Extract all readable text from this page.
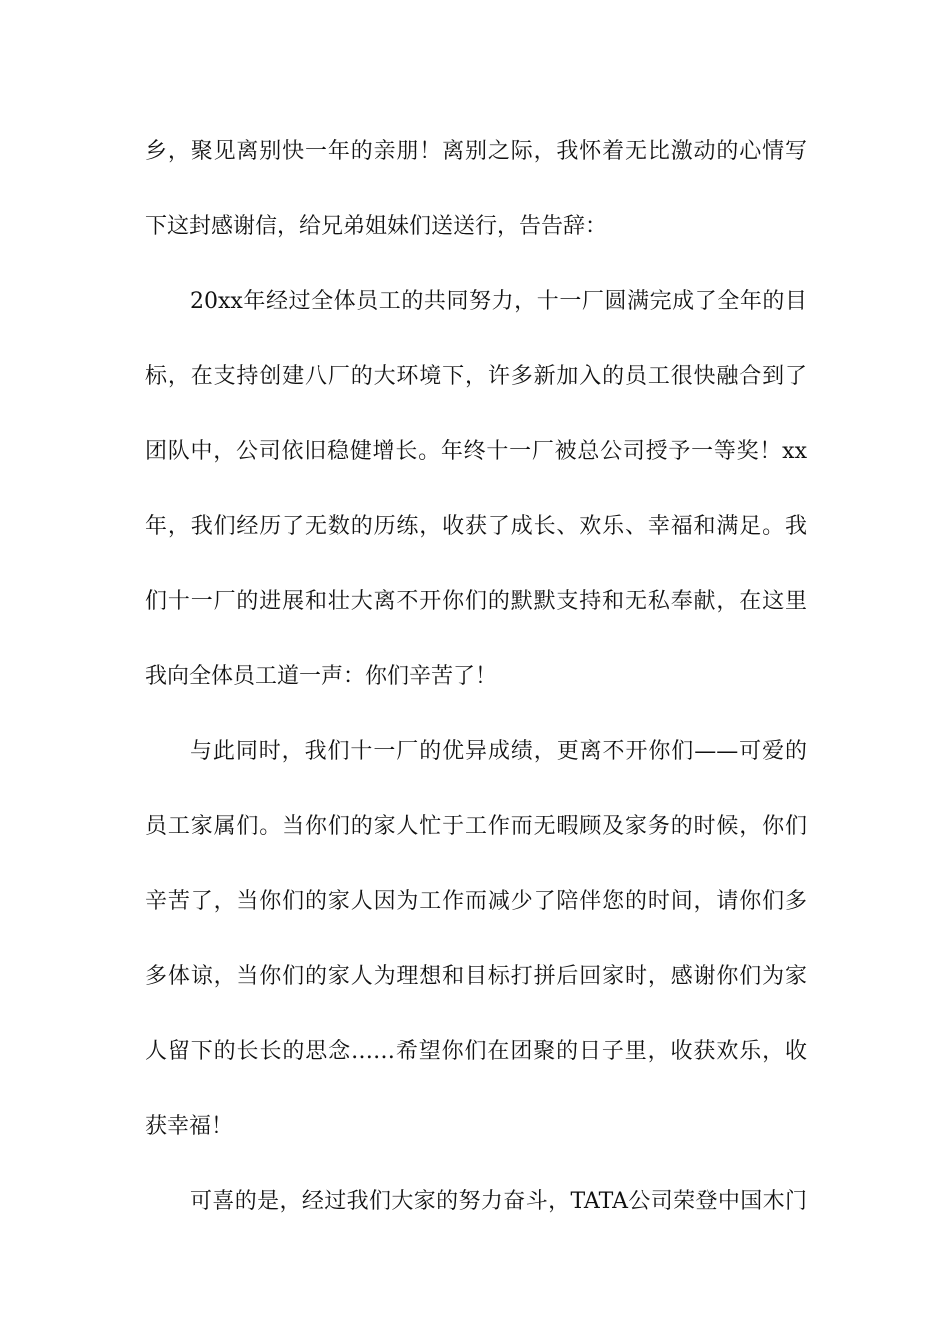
乡，聚见离别快一年的亲朋！离别之际，我怀着无比激动的心情写
下这封感谢信，给兄弟姐妹们送送行，告告辞：
20xx年经过全体员工的共同努力，十一厂圆满完成了全年的目
标，在支持创建八厂的大环境下，许多新加入的员工很快融合到了
团队中，公司依旧稳健增长。年终十一厂被总公司授予一等奖！xx
年，我们经历了无数的历练，收获了成长、欢乐、幸福和满足。我
们十一厂的进展和壮大离不开你们的默默支持和无私奉献，在这里
我向全体员工道一声：你们辛苦了！
与此同时，我们十一厂的优异成绩，更离不开你们——可爱的
员工家属们。当你们的家人忙于工作而无暇顾及家务的时候，你们
辛苦了，当你们的家人因为工作而减少了陪伴您的时间，请你们多
多体谅，当你们的家人为理想和目标打拼后回家时，感谢你们为家
人留下的长长的思念……希望你们在团聚的日子里，收获欢乐，收
获幸福！
可喜的是，经过我们大家的努力奋斗，TATA公司荣登中国木门
